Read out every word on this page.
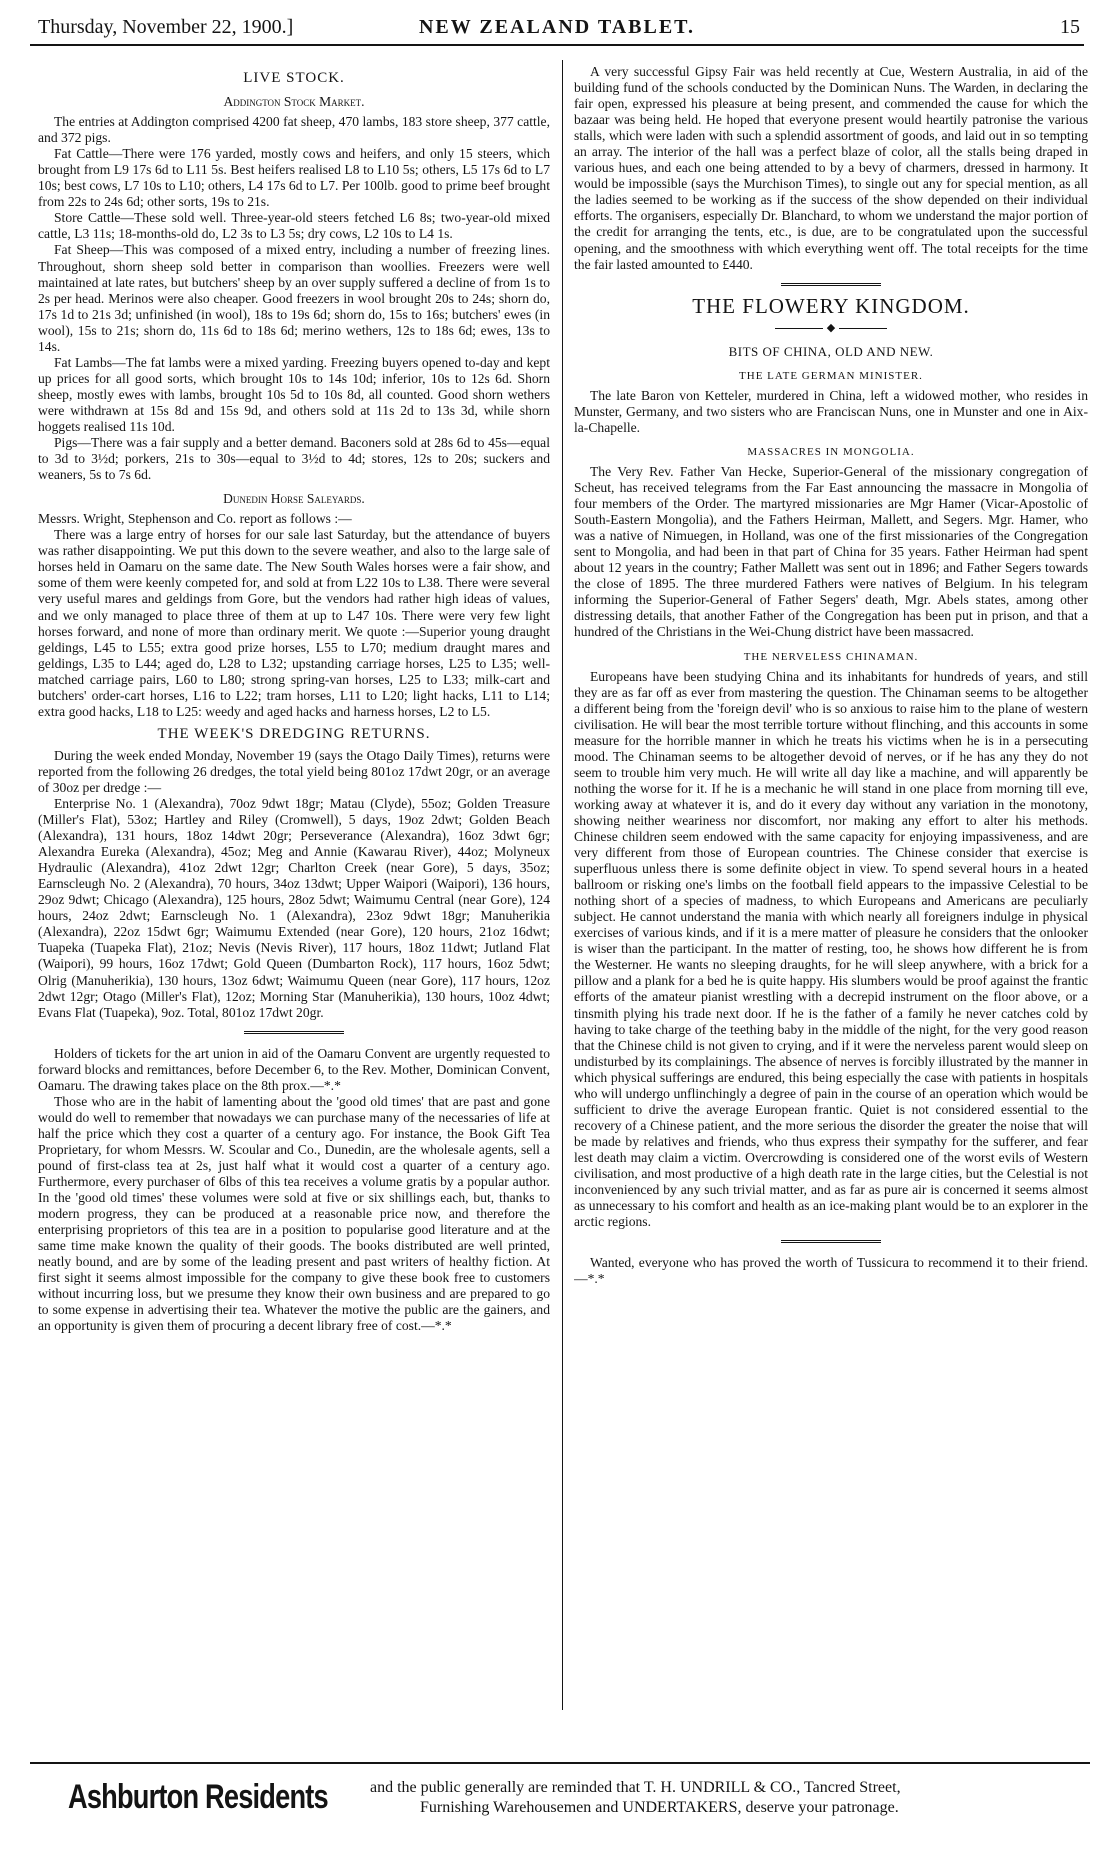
Thursday, November 22, 1900.]	NEW ZEALAND TABLET.	15
LIVE STOCK.
Addington Stock Market.

The entries at Addington comprised 4200 fat sheep, 470 lambs, 183 store sheep, 377 cattle, and 372 pigs.

Fat Cattle—There were 176 yarded, mostly cows and heifers, and only 15 steers, which brought from L9 17s 6d to L11 5s. Best heifers realised L8 to L10 5s; others, L5 17s 6d to L7 10s; best cows, L7 10s to L10; others, L4 17s 6d to L7. Per 100lb. good to prime beef brought from 22s to 24s 6d; other sorts, 19s to 21s.

Store Cattle—These sold well. Three-year-old steers fetched L6 8s; two-year-old mixed cattle, L3 11s; 18-months-old do, L2 3s to L3 5s; dry cows, L2 10s to L4 1s.

Fat Sheep—This was composed of a mixed entry, including a number of freezing lines. Throughout, shorn sheep sold better in comparison than woollies. Freezers were well maintained at late rates, but butchers' sheep by an over supply suffered a decline of from 1s to 2s per head. Merinos were also cheaper. Good freezers in wool brought 20s to 24s; shorn do, 17s 1d to 21s 3d; unfinished (in wool), 18s to 19s 6d; shorn do, 15s to 16s; butchers' ewes (in wool), 15s to 21s; shorn do, 11s 6d to 18s 6d; merino wethers, 12s to 18s 6d; ewes, 13s to 14s.

Fat Lambs—The fat lambs were a mixed yarding. Freezing buyers opened to-day and kept up prices for all good sorts, which brought 10s to 14s 10d; inferior, 10s to 12s 6d. Shorn sheep, mostly ewes with lambs, brought 10s 5d to 10s 8d, all counted. Good shorn wethers were withdrawn at 15s 8d and 15s 9d, and others sold at 11s 2d to 13s 3d, while shorn hoggets realised 11s 10d.

Pigs—There was a fair supply and a better demand. Baconers sold at 28s 6d to 45s—equal to 3d to 3½d; porkers, 21s to 30s—equal to 3½d to 4d; stores, 12s to 20s; suckers and weaners, 5s to 7s 6d.

Dunedin Horse Saleyards.

Messrs. Wright, Stephenson and Co. report as follows :—

There was a large entry of horses for our sale last Saturday, but the attendance of buyers was rather disappointing. We put this down to the severe weather, and also to the large sale of horses held in Oamaru on the same date. The New South Wales horses were a fair show, and some of them were keenly competed for, and sold at from L22 10s to L38. There were several very useful mares and geldings from Gore, but the vendors had rather high ideas of values, and we only managed to place three of them at up to L47 10s. There were very few light horses forward, and none of more than ordinary merit. We quote :—Superior young draught geldings, L45 to L55; extra good prize horses, L55 to L70; medium draught mares and geldings, L35 to L44; aged do, L28 to L32; upstanding carriage horses, L25 to L35; well-matched carriage pairs, L60 to L80; strong spring-van horses, L25 to L33; milk-cart and butchers' order-cart horses, L16 to L22; tram horses, L11 to L20; light hacks, L11 to L14; extra good hacks, L18 to L25: weedy and aged hacks and harness horses, L2 to L5.

THE WEEK'S DREDGING RETURNS.

During the week ended Monday, November 19 (says the Otago Daily Times), returns were reported from the following 26 dredges, the total yield being 801oz 17dwt 20gr, or an average of 30oz per dredge :—

Enterprise No. 1 (Alexandra), 70oz 9dwt 18gr; Matau (Clyde), 55oz; Golden Treasure (Miller's Flat), 53oz; Hartley and Riley (Cromwell), 5 days, 19oz 2dwt; Golden Beach (Alexandra), 131 hours, 18oz 14dwt 20gr; Perseverance (Alexandra), 16oz 3dwt 6gr; Alexandra Eureka (Alexandra), 45oz; Meg and Annie (Kawarau River), 44oz; Molyneux Hydraulic (Alexandra), 41oz 2dwt 12gr; Charlton Creek (near Gore), 5 days, 35oz; Earnscleugh No. 2 (Alexandra), 70 hours, 34oz 13dwt; Upper Waipori (Waipori), 136 hours, 29oz 9dwt; Chicago (Alexandra), 125 hours, 28oz 5dwt; Waimumu Central (near Gore), 124 hours, 24oz 2dwt; Earnscleugh No. 1 (Alexandra), 23oz 9dwt 18gr; Manuherikia (Alexandra), 22oz 15dwt 6gr; Waimumu Extended (near Gore), 120 hours, 21oz 16dwt; Tuapeka (Tuapeka Flat), 21oz; Nevis (Nevis River), 117 hours, 18oz 11dwt; Jutland Flat (Waipori), 99 hours, 16oz 17dwt; Gold Queen (Dumbarton Rock), 117 hours, 16oz 5dwt; Olrig (Manuherikia), 130 hours, 13oz 6dwt; Waimumu Queen (near Gore), 117 hours, 12oz 2dwt 12gr; Otago (Miller's Flat), 12oz; Morning Star (Manuherikia), 130 hours, 10oz 4dwt; Evans Flat (Tuapeka), 9oz. Total, 801oz 17dwt 20gr.

Holders of tickets for the art union in aid of the Oamaru Convent are urgently requested to forward blocks and remittances, before December 6, to the Rev. Mother, Dominican Convent, Oamaru. The drawing takes place on the 8th prox.—*.*

Those who are in the habit of lamenting about the 'good old times' that are past and gone would do well to remember that nowadays we can purchase many of the necessaries of life at half the price which they cost a quarter of a century ago. For instance, the Book Gift Tea Proprietary, for whom Messrs. W. Scoular and Co., Dunedin, are the wholesale agents, sell a pound of first-class tea at 2s, just half what it would cost a quarter of a century ago. Furthermore, every purchaser of 6lbs of this tea receives a volume gratis by a popular author. In the 'good old times' these volumes were sold at five or six shillings each, but, thanks to modern progress, they can be produced at a reasonable price now, and therefore the enterprising proprietors of this tea are in a position to popularise good literature and at the same time make known the quality of their goods. The books distributed are well printed, neatly bound, and are by some of the leading present and past writers of healthy fiction. At first sight it seems almost impossible for the company to give these book free to customers without incurring loss, but we presume they know their own business and are prepared to go to some expense in advertising their tea. Whatever the motive the public are the gainers, and an opportunity is given them of procuring a decent library free of cost.—*.*

A very successful Gipsy Fair was held recently at Cue, Western Australia, in aid of the building fund of the schools conducted by the Dominican Nuns. The Warden, in declaring the fair open, expressed his pleasure at being present, and commended the cause for which the bazaar was being held. He hoped that everyone present would heartily patronise the various stalls, which were laden with such a splendid assortment of goods, and laid out in so tempting an array. The interior of the hall was a perfect blaze of color, all the stalls being draped in various hues, and each one being attended to by a bevy of charmers, dressed in harmony. It would be impossible (says the Murchison Times), to single out any for special mention, as all the ladies seemed to be working as if the success of the show depended on their individual efforts. The organisers, especially Dr. Blanchard, to whom we understand the major portion of the credit for arranging the tents, etc., is due, are to be congratulated upon the successful opening, and the smoothness with which everything went off. The total receipts for the time the fair lasted amounted to £440.

THE FLOWERY KINGDOM.
◆
BITS OF CHINA, OLD AND NEW.
THE LATE GERMAN MINISTER.

The late Baron von Ketteler, murdered in China, left a widowed mother, who resides in Munster, Germany, and two sisters who are Franciscan Nuns, one in Munster and one in Aix-la-Chapelle.

MASSACRES IN MONGOLIA.

The Very Rev. Father Van Hecke, Superior-General of the missionary congregation of Scheut, has received telegrams from the Far East announcing the massacre in Mongolia of four members of the Order. The martyred missionaries are Mgr Hamer (Vicar-Apostolic of South-Eastern Mongolia), and the Fathers Heirman, Mallett, and Segers. Mgr. Hamer, who was a native of Nimuegen, in Holland, was one of the first missionaries of the Congregation sent to Mongolia, and had been in that part of China for 35 years. Father Heirman had spent about 12 years in the country; Father Mallett was sent out in 1896; and Father Segers towards the close of 1895. The three murdered Fathers were natives of Belgium. In his telegram informing the Superior-General of Father Segers' death, Mgr. Abels states, among other distressing details, that another Father of the Congregation has been put in prison, and that a hundred of the Christians in the Wei-Chung district have been massacred.

THE NERVELESS CHINAMAN.

Europeans have been studying China and its inhabitants for hundreds of years, and still they are as far off as ever from mastering the question. The Chinaman seems to be altogether a different being from the 'foreign devil' who is so anxious to raise him to the plane of western civilisation. He will bear the most terrible torture without flinching, and this accounts in some measure for the horrible manner in which he treats his victims when he is in a persecuting mood. The Chinaman seems to be altogether devoid of nerves, or if he has any they do not seem to trouble him very much. He will write all day like a machine, and will apparently be nothing the worse for it. If he is a mechanic he will stand in one place from morning till eve, working away at whatever it is, and do it every day without any variation in the monotony, showing neither weariness nor discomfort, nor making any effort to alter his methods. Chinese children seem endowed with the same capacity for enjoying impassiveness, and are very different from those of European countries. The Chinese consider that exercise is superfluous unless there is some definite object in view. To spend several hours in a heated ballroom or risking one's limbs on the football field appears to the impassive Celestial to be nothing short of a species of madness, to which Europeans and Americans are peculiarly subject. He cannot understand the mania with which nearly all foreigners indulge in physical exercises of various kinds, and if it is a mere matter of pleasure he considers that the onlooker is wiser than the participant. In the matter of resting, too, he shows how different he is from the Westerner. He wants no sleeping draughts, for he will sleep anywhere, with a brick for a pillow and a plank for a bed he is quite happy. His slumbers would be proof against the frantic efforts of the amateur pianist wrestling with a decrepid instrument on the floor above, or a tinsmith plying his trade next door. If he is the father of a family he never catches cold by having to take charge of the teething baby in the middle of the night, for the very good reason that the Chinese child is not given to crying, and if it were the nerveless parent would sleep on undisturbed by its complainings. The absence of nerves is forcibly illustrated by the manner in which physical sufferings are endured, this being especially the case with patients in hospitals who will undergo unflinchingly a degree of pain in the course of an operation which would be sufficient to drive the average European frantic. Quiet is not considered essential to the recovery of a Chinese patient, and the more serious the disorder the greater the noise that will be made by relatives and friends, who thus express their sympathy for the sufferer, and fear lest death may claim a victim. Overcrowding is considered one of the worst evils of Western civilisation, and most productive of a high death rate in the large cities, but the Celestial is not inconvenienced by any such trivial matter, and as far as pure air is concerned it seems almost as unnecessary to his comfort and health as an ice-making plant would be to an explorer in the arctic regions.

Wanted, everyone who has proved the worth of Tussicura to recommend it to their friend.—*.*

Ashburton Residents	and the public generally are reminded that T. H. UNDRILL & CO., Tancred Street,
Furnishing Warehousemen and UNDERTAKERS, deserve your patronage.
